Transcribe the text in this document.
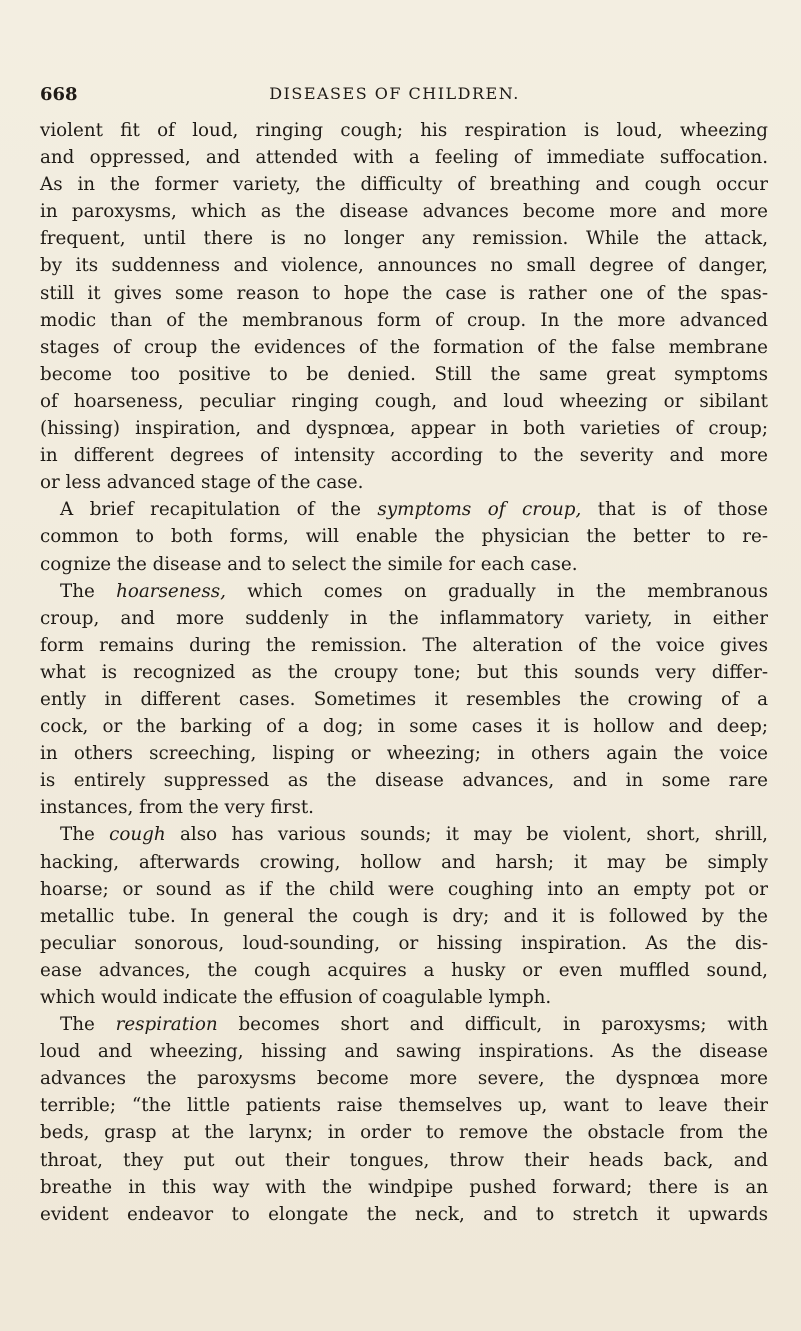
668	DISEASES OF CHILDREN.
violent fit of loud, ringing cough; his respiration is loud, wheezing
and oppressed, and attended with a feeling of immediate suffocation.
As in the former variety, the difficulty of breathing and cough occur
in paroxysms, which as the disease advances become more and more
frequent, until there is no longer any remission. While the attack,
by its suddenness and violence, announces no small degree of danger,
still it gives some reason to hope the case is rather one of the spas-
modic than of the membranous form of croup. In the more advanced
stages of croup the evidences of the formation of the false membrane
become too positive to be denied. Still the same great symptoms
of hoarseness, peculiar ringing cough, and loud wheezing or sibilant
(hissing) inspiration, and dyspnœa, appear in both varieties of croup;
in different degrees of intensity according to the severity and more
or less advanced stage of the case.
A brief recapitulation of the symptoms of croup, that is of those
common to both forms, will enable the physician the better to re-
cognize the disease and to select the simile for each case.
The hoarseness, which comes on gradually in the membranous
croup, and more suddenly in the inflammatory variety, in either
form remains during the remission. The alteration of the voice gives
what is recognized as the croupy tone; but this sounds very differ-
ently in different cases. Sometimes it resembles the crowing of a
cock, or the barking of a dog; in some cases it is hollow and deep;
in others screeching, lisping or wheezing; in others again the voice
is entirely suppressed as the disease advances, and in some rare
instances, from the very first.
The cough also has various sounds; it may be violent, short, shrill,
hacking, afterwards crowing, hollow and harsh; it may be simply
hoarse; or sound as if the child were coughing into an empty pot or
metallic tube. In general the cough is dry; and it is followed by the
peculiar sonorous, loud-sounding, or hissing inspiration. As the dis-
ease advances, the cough acquires a husky or even muffled sound,
which would indicate the effusion of coagulable lymph.
The respiration becomes short and difficult, in paroxysms; with
loud and wheezing, hissing and sawing inspirations. As the disease
advances the paroxysms become more severe, the dyspnœa more
terrible; “the little patients raise themselves up, want to leave their
beds, grasp at the larynx; in order to remove the obstacle from the
throat, they put out their tongues, throw their heads back, and
breathe in this way with the windpipe pushed forward; there is an
evident endeavor to elongate the neck, and to stretch it upwards
